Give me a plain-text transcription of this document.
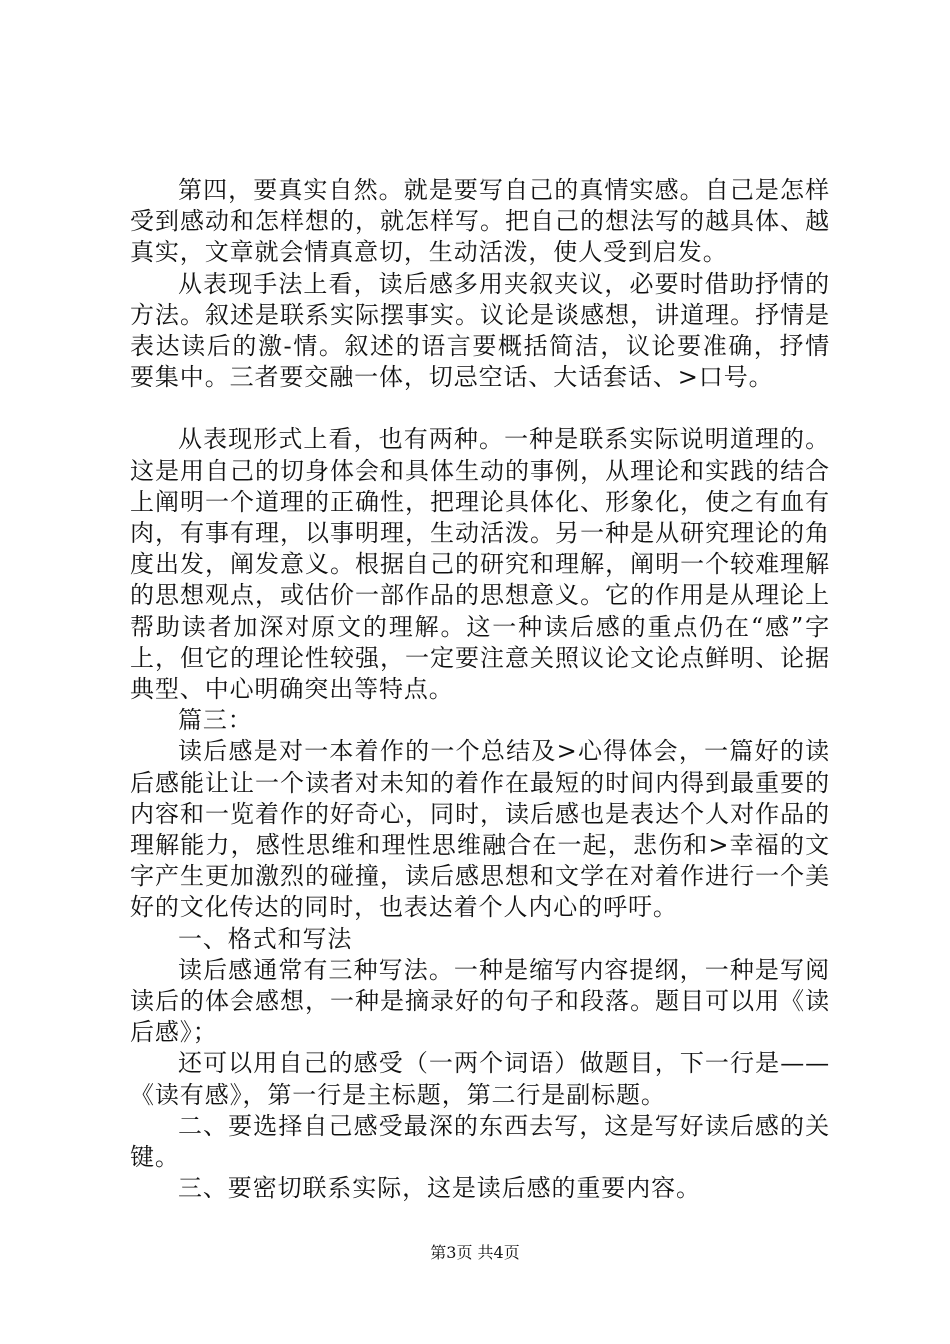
第四，要真实自然。就是要写自己的真情实感。自己是怎样受到感动和怎样想的，就怎样写。把自己的想法写的越具体、越真实，文章就会情真意切，生动活泼，使人受到启发。

从表现手法上看，读后感多用夹叙夹议，必要时借助抒情的方法。叙述是联系实际摆事实。议论是谈感想，讲道理。抒情是表达读后的激-情。叙述的语言要概括简洁，议论要准确，抒情要集中。三者要交融一体，切忌空话、大话套话、>口号。

从表现形式上看，也有两种。一种是联系实际说明道理的。这是用自己的切身体会和具体生动的事例，从理论和实践的结合上阐明一个道理的正确性，把理论具体化、形象化，使之有血有肉，有事有理，以事明理，生动活泼。另一种是从研究理论的角度出发，阐发意义。根据自己的研究和理解，阐明一个较难理解的思想观点，或估价一部作品的思想意义。它的作用是从理论上帮助读者加深对原文的理解。这一种读后感的重点仍在“感”字上，但它的理论性较强，一定要注意关照议论文论点鲜明、论据典型、中心明确突出等特点。

篇三：

读后感是对一本着作的一个总结及>心得体会，一篇好的读后感能让让一个读者对未知的着作在最短的时间内得到最重要的内容和一览着作的好奇心，同时，读后感也是表达个人对作品的理解能力，感性思维和理性思维融合在一起，悲伤和>幸福的文字产生更加激烈的碰撞，读后感思想和文学在对着作进行一个美好的文化传达的同时，也表达着个人内心的呼吁。

一、格式和写法

读后感通常有三种写法。一种是缩写内容提纲，一种是写阅读后的体会感想，一种是摘录好的句子和段落。题目可以用《读后感》；

还可以用自己的感受（一两个词语）做题目，下一行是——《读有感》，第一行是主标题，第二行是副标题。

二、要选择自己感受最深的东西去写，这是写好读后感的关键。

三、要密切联系实际，这是读后感的重要内容。

第3页 共4页
